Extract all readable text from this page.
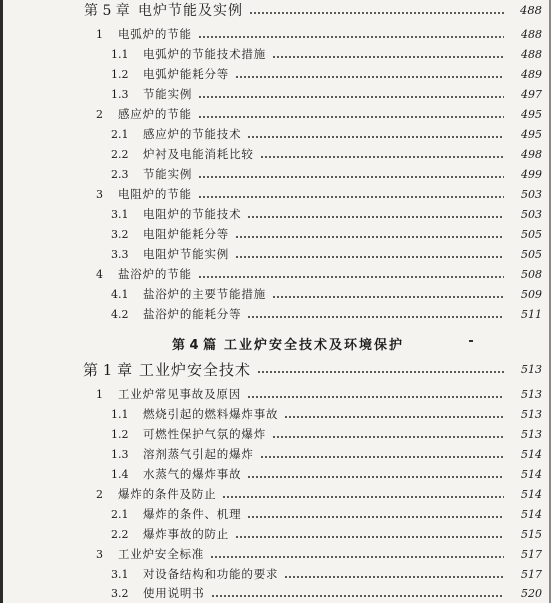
第 5 章 电炉节能及实例	488
1	电弧炉的节能	488
1.1	电弧炉的节能技术措施	488
1.2	电弧炉能耗分等	489
1.3	节能实例	497
2	感应炉的节能	495
2.1	感应炉的节能技术	495
2.2	炉衬及电能消耗比较	498
2.3	节能实例	499
3	电阻炉的节能	503
3.1	电阻炉的节能技术	503
3.2	电阻炉能耗分等	505
3.3	电阻炉节能实例	505
4	盐浴炉的节能	508
4.1	盐浴炉的主要节能措施	509
4.2	盐浴炉的能耗分等	511
第 4 篇 工业炉安全技术及环境保护
第 1 章 工业炉安全技术	513
1	工业炉常见事故及原因	513
1.1	燃烧引起的燃料爆炸事故	513
1.2	可燃性保护气氛的爆炸	513
1.3	溶剂蒸气引起的爆炸	514
1.4	水蒸气的爆炸事故	514
2	爆炸的条件及防止	514
2.1	爆炸的条件、机理	514
2.2	爆炸事故的防止	515
3	工业炉安全标准	517
3.1	对设备结构和功能的要求	517
3.2	使用说明书	520
